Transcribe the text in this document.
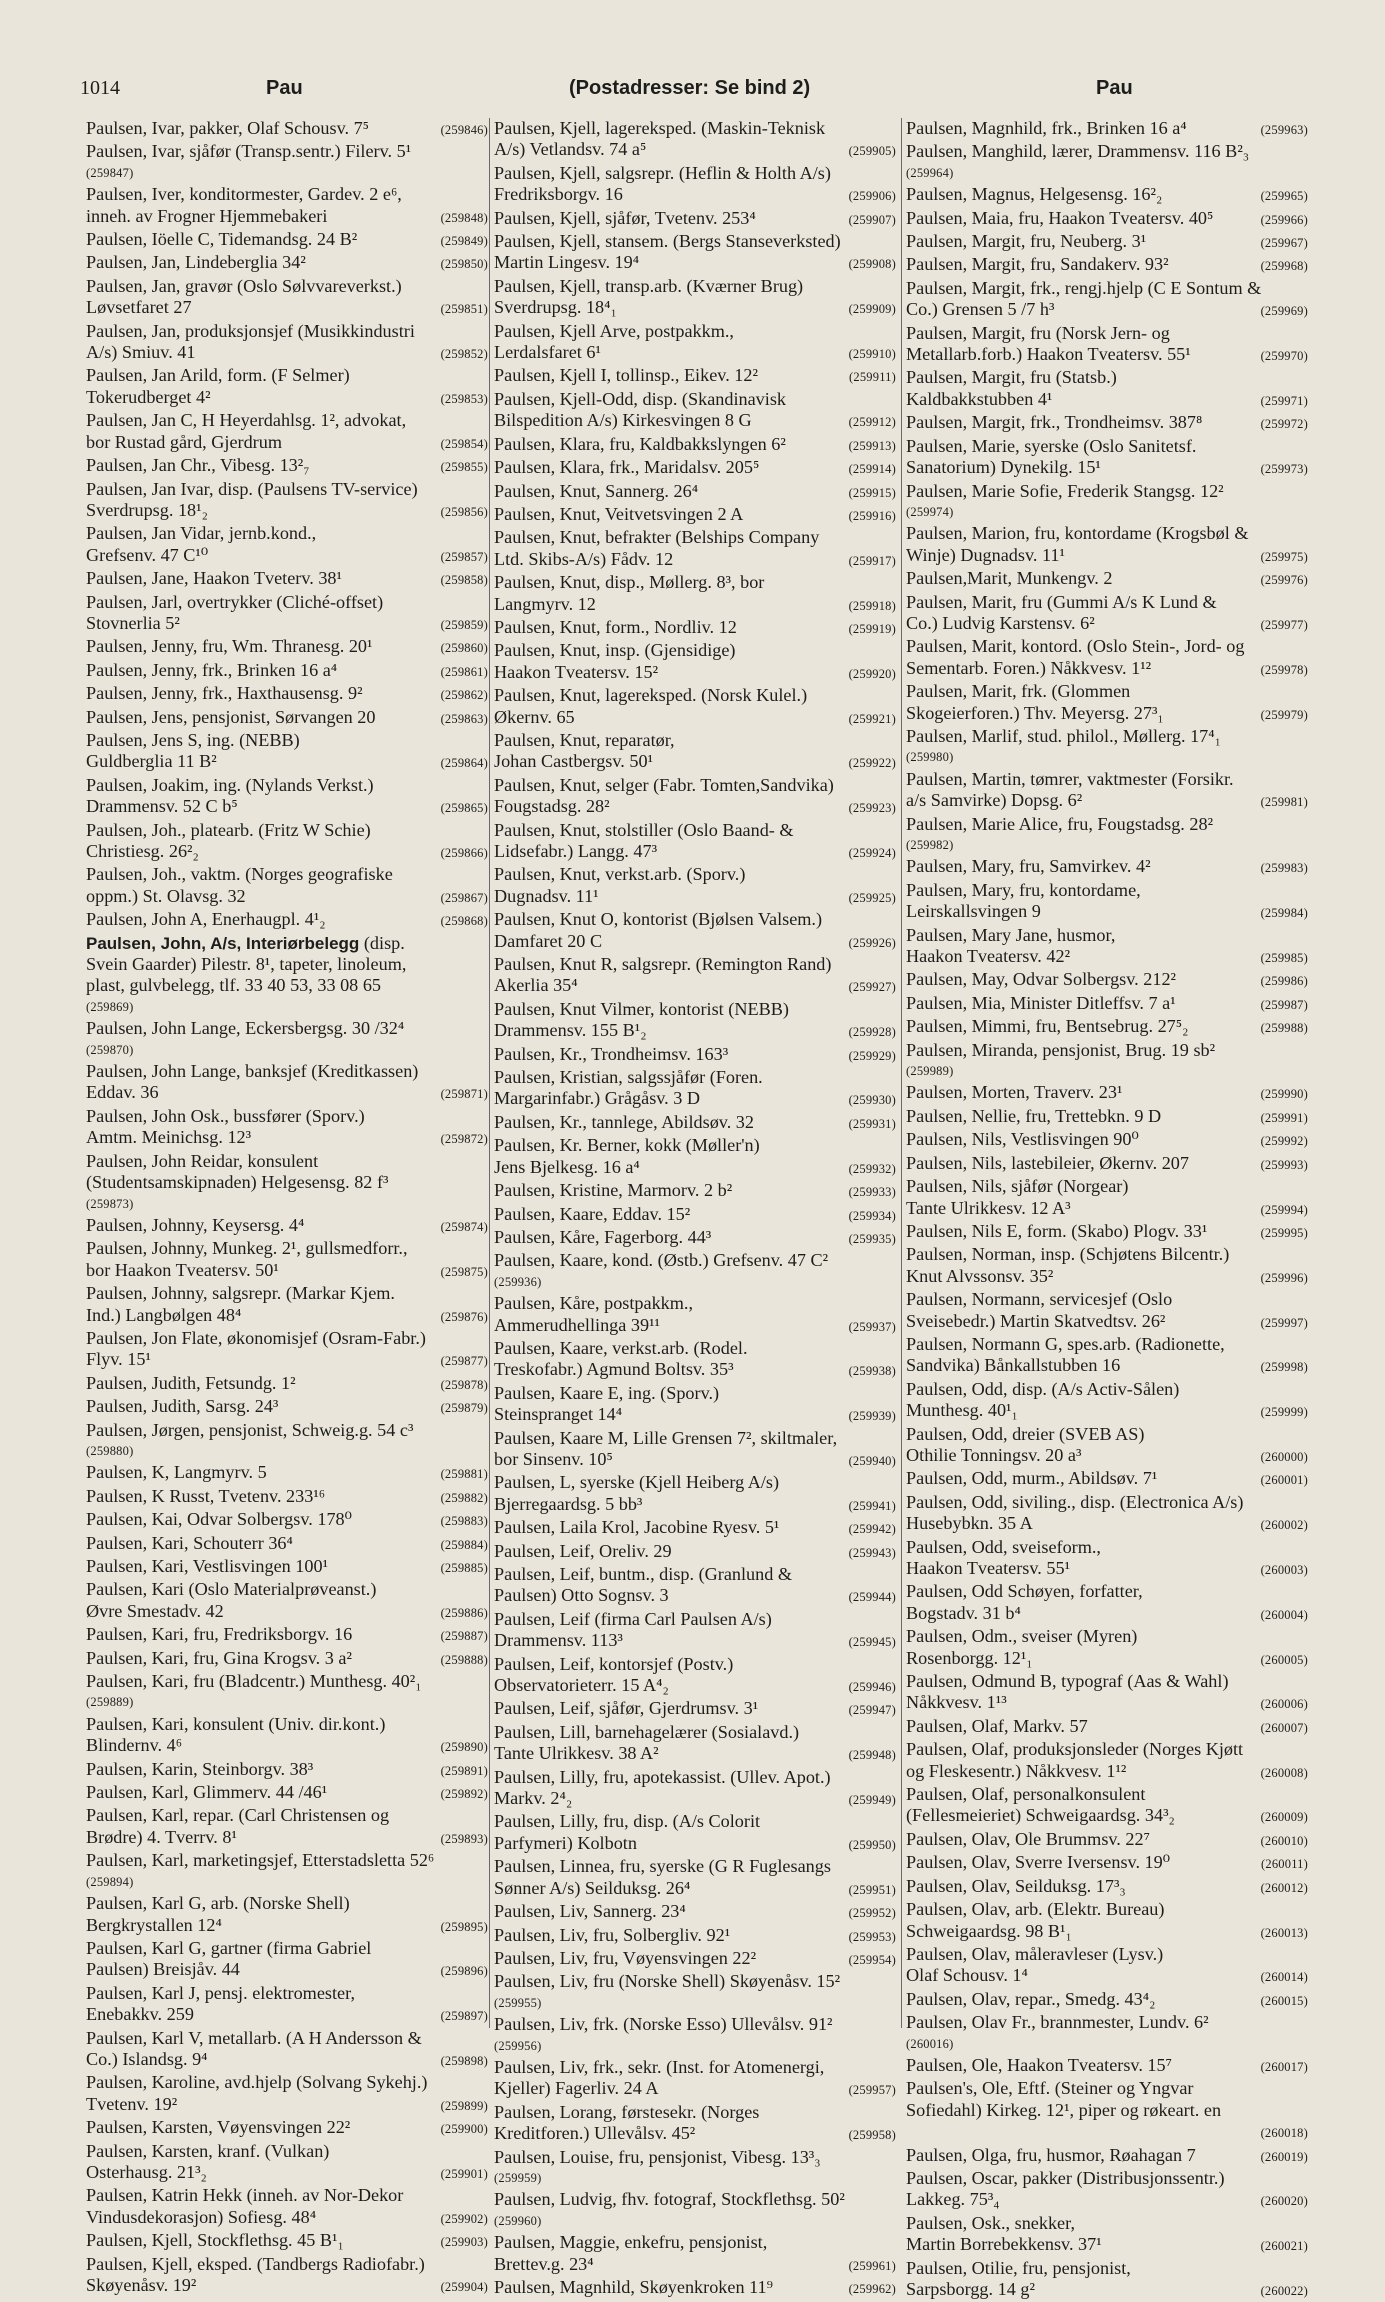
1014	Pau	(Postadresser: Se bind 2)	Pau
Paulsen, Ivar, pakker, Olaf Schousv. 7⁵	(259846)
Paulsen, Ivar, sjåfør (Transp.sentr.) Filerv. 5¹
(259847)
Paulsen, Iver, konditormester, Gardev. 2 e⁶,
inneh. av Frogner Hjemmebakeri	(259848)
Paulsen, Iöelle C, Tidemandsg. 24 B²	(259849)
Paulsen, Jan, Lindeberglia 34²	(259850)
Paulsen, Jan, gravør (Oslo Sølvvareverkst.)
Løvsetfaret 27	(259851)
Paulsen, Jan, produksjonsjef (Musikkindustri
A/s) Smiuv. 41	(259852)
Paulsen, Jan Arild, form. (F Selmer)
Tokerudberget 4²	(259853)
Paulsen, Jan C, H Heyerdahlsg. 1², advokat,
bor Rustad gård, Gjerdrum	(259854)
Paulsen, Jan Chr., Vibesg. 13²₇	(259855)
Paulsen, Jan Ivar, disp. (Paulsens TV-service)
Sverdrupsg. 18¹₂	(259856)
Paulsen, Jan Vidar, jernb.kond.,
Grefsenv. 47 C¹⁰	(259857)
Paulsen, Jane, Haakon Tveterv. 38¹	(259858)
Paulsen, Jarl, overtrykker (Cliché-offset)
Stovnerlia 5²	(259859)
Paulsen, Jenny, fru, Wm. Thranesg. 20¹	(259860)
Paulsen, Jenny, frk., Brinken 16 a⁴	(259861)
Paulsen, Jenny, frk., Haxthausensg. 9²	(259862)
Paulsen, Jens, pensjonist, Sørvangen 20	(259863)
Paulsen, Jens S, ing. (NEBB)
Guldberglia 11 B²	(259864)
Paulsen, Joakim, ing. (Nylands Verkst.)
Drammensv. 52 C b⁵	(259865)
Paulsen, Joh., platearb. (Fritz W Schie)
Christiesg. 26²₂	(259866)
Paulsen, Joh., vaktm. (Norges geografiske
oppm.) St. Olavsg. 32	(259867)
Paulsen, John A, Enerhaugpl. 4¹₂	(259868)
Paulsen, John, A/s, Interiørbelegg (disp.
Svein Gaarder) Pilestr. 8¹, tapeter, linoleum,
plast, gulvbelegg, tlf. 33 40 53, 33 08 65
(259869)
Paulsen, John Lange, Eckersbergsg. 30 /32⁴
(259870)
Paulsen, John Lange, banksjef (Kreditkassen)
Eddav. 36	(259871)
Paulsen, John Osk., bussfører (Sporv.)
Amtm. Meinichsg. 12³	(259872)
Paulsen, John Reidar, konsulent
(Studentsamskipnaden) Helgesensg. 82 f³
(259873)
Paulsen, Johnny, Keysersg. 4⁴	(259874)
Paulsen, Johnny, Munkeg. 2¹, gullsmedforr.,
bor Haakon Tveatersv. 50¹	(259875)
Paulsen, Johnny, salgsrepr. (Markar Kjem.
Ind.) Langbølgen 48⁴	(259876)
Paulsen, Jon Flate, økonomisjef (Osram-Fabr.)
Flyv. 15¹	(259877)
Paulsen, Judith, Fetsundg. 1²	(259878)
Paulsen, Judith, Sarsg. 24³	(259879)
Paulsen, Jørgen, pensjonist, Schweig.g. 54 c³
(259880)
Paulsen, K, Langmyrv. 5	(259881)
Paulsen, K Russt, Tvetenv. 233¹⁶	(259882)
Paulsen, Kai, Odvar Solbergsv. 178⁰	(259883)
Paulsen, Kari, Schouterr 36⁴	(259884)
Paulsen, Kari, Vestlisvingen 100¹	(259885)
Paulsen, Kari (Oslo Materialprøveanst.)
Øvre Smestadv. 42	(259886)
Paulsen, Kari, fru, Fredriksborgv. 16	(259887)
Paulsen, Kari, fru, Gina Krogsv. 3 a²	(259888)
Paulsen, Kari, fru (Bladcentr.) Munthesg. 40²₁
(259889)
Paulsen, Kari, konsulent (Univ. dir.kont.)
Blindernv. 4⁶	(259890)
Paulsen, Karin, Steinborgv. 38³	(259891)
Paulsen, Karl, Glimmerv. 44 /46¹	(259892)
Paulsen, Karl, repar. (Carl Christensen og
Brødre) 4. Tverrv. 8¹	(259893)
Paulsen, Karl, marketingsjef, Etterstadsletta 52⁶
(259894)
Paulsen, Karl G, arb. (Norske Shell)
Bergkrystallen 12⁴	(259895)
Paulsen, Karl G, gartner (firma Gabriel
Paulsen) Breisjåv. 44	(259896)
Paulsen, Karl J, pensj. elektromester,
Enebakkv. 259	(259897)
Paulsen, Karl V, metallarb. (A H Andersson &
Co.) Islandsg. 9⁴	(259898)
Paulsen, Karoline, avd.hjelp (Solvang Sykehj.)
Tvetenv. 19²	(259899)
Paulsen, Karsten, Vøyensvingen 22²	(259900)
Paulsen, Karsten, kranf. (Vulkan)
Osterhausg. 21³₂	(259901)
Paulsen, Katrin Hekk (inneh. av Nor-Dekor
Vindusdekorasjon) Sofiesg. 48⁴	(259902)
Paulsen, Kjell, Stockflethsg. 45 B¹₁	(259903)
Paulsen, Kjell, eksped. (Tandbergs Radiofabr.)
Skøyenåsv. 19²	(259904)
Paulsen, Kjell, lagereksped. (Maskin-Teknisk
A/s) Vetlandsv. 74 a⁵	(259905)
Paulsen, Kjell, salgsrepr. (Heflin & Holth A/s)
Fredriksborgv. 16	(259906)
Paulsen, Kjell, sjåfør, Tvetenv. 253⁴	(259907)
Paulsen, Kjell, stansem. (Bergs Stanseverksted)
Martin Lingesv. 19⁴	(259908)
Paulsen, Kjell, transp.arb. (Kværner Brug)
Sverdrupsg. 18⁴₁	(259909)
Paulsen, Kjell Arve, postpakkm.,
Lerdalsfaret 6¹	(259910)
Paulsen, Kjell I, tollinsp., Eikev. 12²	(259911)
Paulsen, Kjell-Odd, disp. (Skandinavisk
Bilspedition A/s) Kirkesvingen 8 G	(259912)
Paulsen, Klara, fru, Kaldbakkslyngen 6²	(259913)
Paulsen, Klara, frk., Maridalsv. 205⁵	(259914)
Paulsen, Knut, Sannerg. 26⁴	(259915)
Paulsen, Knut, Veitvetsvingen 2 A	(259916)
Paulsen, Knut, befrakter (Belships Company
Ltd. Skibs-A/s) Fådv. 12	(259917)
Paulsen, Knut, disp., Møllerg. 8³, bor
Langmyrv. 12	(259918)
Paulsen, Knut, form., Nordliv. 12	(259919)
Paulsen, Knut, insp. (Gjensidige)
Haakon Tveatersv. 15²	(259920)
Paulsen, Knut, lagereksped. (Norsk Kulel.)
Økernv. 65	(259921)
Paulsen, Knut, reparatør,
Johan Castbergsv. 50¹	(259922)
Paulsen, Knut, selger (Fabr. Tomten,Sandvika)
Fougstadsg. 28²	(259923)
Paulsen, Knut, stolstiller (Oslo Baand- &
Lidsefabr.) Langg. 47³	(259924)
Paulsen, Knut, verkst.arb. (Sporv.)
Dugnadsv. 11¹	(259925)
Paulsen, Knut O, kontorist (Bjølsen Valsem.)
Damfaret 20 C	(259926)
Paulsen, Knut R, salgsrepr. (Remington Rand)
Akerlia 35⁴	(259927)
Paulsen, Knut Vilmer, kontorist (NEBB)
Drammensv. 155 B¹₂	(259928)
Paulsen, Kr., Trondheimsv. 163³	(259929)
Paulsen, Kristian, salgssjåfør (Foren.
Margarinfabr.) Grågåsv. 3 D	(259930)
Paulsen, Kr., tannlege, Abildsøv. 32	(259931)
Paulsen, Kr. Berner, kokk (Møller'n)
Jens Bjelkesg. 16 a⁴	(259932)
Paulsen, Kristine, Marmorv. 2 b²	(259933)
Paulsen, Kaare, Eddav. 15²	(259934)
Paulsen, Kåre, Fagerborg. 44³	(259935)
Paulsen, Kaare, kond. (Østb.) Grefsenv. 47 C²
(259936)
Paulsen, Kåre, postpakkm.,
Ammerudhellinga 39¹¹	(259937)
Paulsen, Kaare, verkst.arb. (Rodel.
Treskofabr.) Agmund Boltsv. 35³	(259938)
Paulsen, Kaare E, ing. (Sporv.)
Steinspranget 14⁴	(259939)
Paulsen, Kaare M, Lille Grensen 7², skiltmaler,
bor Sinsenv. 10⁵	(259940)
Paulsen, L, syerske (Kjell Heiberg A/s)
Bjerregaardsg. 5 bb³	(259941)
Paulsen, Laila Krol, Jacobine Ryesv. 5¹	(259942)
Paulsen, Leif, Oreliv. 29	(259943)
Paulsen, Leif, buntm., disp. (Granlund &
Paulsen) Otto Sognsv. 3	(259944)
Paulsen, Leif (firma Carl Paulsen A/s)
Drammensv. 113³	(259945)
Paulsen, Leif, kontorsjef (Postv.)
Observatorieterr. 15 A⁴₂	(259946)
Paulsen, Leif, sjåfør, Gjerdrumsv. 3¹	(259947)
Paulsen, Lill, barnehagelærer (Sosialavd.)
Tante Ulrikkesv. 38 A²	(259948)
Paulsen, Lilly, fru, apotekassist. (Ullev. Apot.)
Markv. 2⁴₂	(259949)
Paulsen, Lilly, fru, disp. (A/s Colorit
Parfymeri) Kolbotn	(259950)
Paulsen, Linnea, fru, syerske (G R Fuglesangs
Sønner A/s) Seilduksg. 26⁴	(259951)
Paulsen, Liv, Sannerg. 23⁴	(259952)
Paulsen, Liv, fru, Solbergliv. 92¹	(259953)
Paulsen, Liv, fru, Vøyensvingen 22²	(259954)
Paulsen, Liv, fru (Norske Shell) Skøyenåsv. 15²
(259955)
Paulsen, Liv, frk. (Norske Esso) Ullevålsv. 91²
(259956)
Paulsen, Liv, frk., sekr. (Inst. for Atomenergi,
Kjeller) Fagerliv. 24 A	(259957)
Paulsen, Lorang, førstesekr. (Norges
Kreditforen.) Ullevålsv. 45²	(259958)
Paulsen, Louise, fru, pensjonist, Vibesg. 13³₃
(259959)
Paulsen, Ludvig, fhv. fotograf, Stockflethsg. 50²
(259960)
Paulsen, Maggie, enkefru, pensjonist,
Brettev.g. 23⁴	(259961)
Paulsen, Magnhild, Skøyenkroken 11⁹	(259962)
Paulsen, Magnhild, frk., Brinken 16 a⁴	(259963)
Paulsen, Manghild, lærer, Drammensv. 116 B²₃
(259964)
Paulsen, Magnus, Helgesensg. 16²₂	(259965)
Paulsen, Maia, fru, Haakon Tveatersv. 40⁵	(259966)
Paulsen, Margit, fru, Neuberg. 3¹	(259967)
Paulsen, Margit, fru, Sandakerv. 93²	(259968)
Paulsen, Margit, frk., rengj.hjelp (C E Sontum &
Co.) Grensen 5 /7 h³	(259969)
Paulsen, Margit, fru (Norsk Jern- og
Metallarb.forb.) Haakon Tveatersv. 55¹	(259970)
Paulsen, Margit, fru (Statsb.)
Kaldbakkstubben 4¹	(259971)
Paulsen, Margit, frk., Trondheimsv. 387⁸	(259972)
Paulsen, Marie, syerske (Oslo Sanitetsf.
Sanatorium) Dynekilg. 15¹	(259973)
Paulsen, Marie Sofie, Frederik Stangsg. 12²
(259974)
Paulsen, Marion, fru, kontordame (Krogsbøl &
Winje) Dugnadsv. 11¹	(259975)
Paulsen,Marit, Munkengv. 2	(259976)
Paulsen, Marit, fru (Gummi A/s K Lund &
Co.) Ludvig Karstensv. 6²	(259977)
Paulsen, Marit, kontord. (Oslo Stein-, Jord- og
Sementarb. Foren.) Nåkkvesv. 1¹²	(259978)
Paulsen, Marit, frk. (Glommen
Skogeierforen.) Thv. Meyersg. 27³₁	(259979)
Paulsen, Marlif, stud. philol., Møllerg. 17⁴₁
(259980)
Paulsen, Martin, tømrer, vaktmester (Forsikr.
a/s Samvirke) Dopsg. 6²	(259981)
Paulsen, Marie Alice, fru, Fougstadsg. 28²
(259982)
Paulsen, Mary, fru, Samvirkev. 4²	(259983)
Paulsen, Mary, fru, kontordame,
Leirskallsvingen 9	(259984)
Paulsen, Mary Jane, husmor,
Haakon Tveatersv. 42²	(259985)
Paulsen, May, Odvar Solbergsv. 212²	(259986)
Paulsen, Mia, Minister Ditleffsv. 7 a¹	(259987)
Paulsen, Mimmi, fru, Bentsebrug. 27⁵₂	(259988)
Paulsen, Miranda, pensjonist, Brug. 19 sb²
(259989)
Paulsen, Morten, Traverv. 23¹	(259990)
Paulsen, Nellie, fru, Trettebkn. 9 D	(259991)
Paulsen, Nils, Vestlisvingen 90⁰	(259992)
Paulsen, Nils, lastebileier, Økernv. 207	(259993)
Paulsen, Nils, sjåfør (Norgear)
Tante Ulrikkesv. 12 A³	(259994)
Paulsen, Nils E, form. (Skabo) Plogv. 33¹	(259995)
Paulsen, Norman, insp. (Schjøtens Bilcentr.)
Knut Alvssonsv. 35²	(259996)
Paulsen, Normann, servicesjef (Oslo
Sveisebedr.) Martin Skatvedtsv. 26²	(259997)
Paulsen, Normann G, spes.arb. (Radionette,
Sandvika) Bånkallstubben 16	(259998)
Paulsen, Odd, disp. (A/s Activ-Sålen)
Munthesg. 40¹₁	(259999)
Paulsen, Odd, dreier (SVEB AS)
Othilie Tonningsv. 20 a³	(260000)
Paulsen, Odd, murm., Abildsøv. 7¹	(260001)
Paulsen, Odd, siviling., disp. (Electronica A/s)
Husebybkn. 35 A	(260002)
Paulsen, Odd, sveiseform.,
Haakon Tveatersv. 55¹	(260003)
Paulsen, Odd Schøyen, forfatter,
Bogstadv. 31 b⁴	(260004)
Paulsen, Odm., sveiser (Myren)
Rosenborgg. 12¹₁	(260005)
Paulsen, Odmund B, typograf (Aas & Wahl)
Nåkkvesv. 1¹³	(260006)
Paulsen, Olaf, Markv. 57	(260007)
Paulsen, Olaf, produksjonsleder (Norges Kjøtt
og Fleskesentr.) Nåkkvesv. 1¹²	(260008)
Paulsen, Olaf, personalkonsulent
(Fellesmeieriet) Schweigaardsg. 34³₂	(260009)
Paulsen, Olav, Ole Brummsv. 22⁷	(260010)
Paulsen, Olav, Sverre Iversensv. 19⁰	(260011)
Paulsen, Olav, Seilduksg. 17³₃	(260012)
Paulsen, Olav, arb. (Elektr. Bureau)
Schweigaardsg. 98 B¹₁	(260013)
Paulsen, Olav, måleravleser (Lysv.)
Olaf Schousv. 1⁴	(260014)
Paulsen, Olav, repar., Smedg. 43⁴₂	(260015)
Paulsen, Olav Fr., brannmester, Lundv. 6²
(260016)
Paulsen, Ole, Haakon Tveatersv. 15⁷	(260017)
Paulsen's, Ole, Eftf. (Steiner og Yngvar
Sofiedahl) Kirkeg. 12¹, piper og røkeart. en
(260018)
Paulsen, Olga, fru, husmor, Røahagan 7	(260019)
Paulsen, Oscar, pakker (Distribusjonssentr.)
Lakkeg. 75³₄	(260020)
Paulsen, Osk., snekker,
Martin Borrebekkensv. 37¹	(260021)
Paulsen, Otilie, fru, pensjonist,
Sarpsborgg. 14 g²	(260022)
